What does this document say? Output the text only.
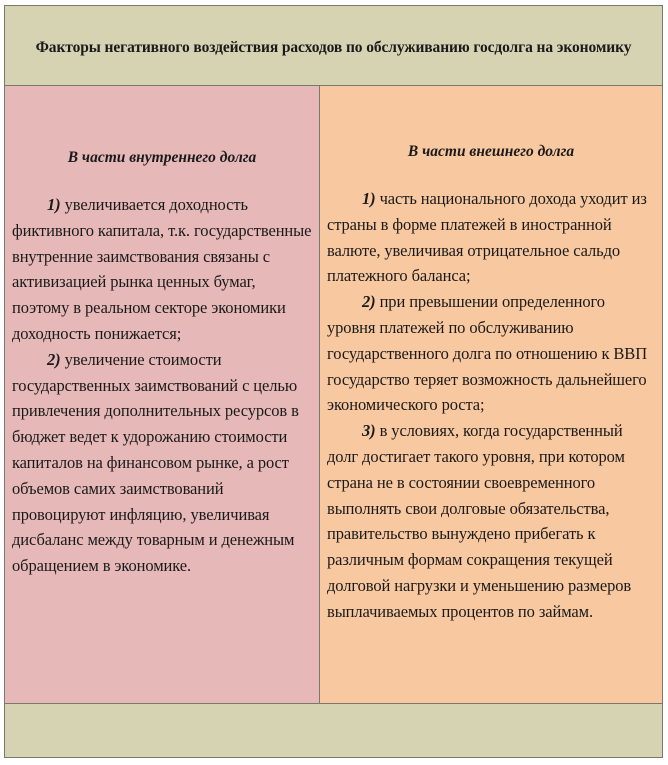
Факторы негативного воздействия расходов по обслуживанию госдолга на экономику
В части внутреннего долга

1) увеличивается доходность фиктивного капитала, т.к. государственные внутренние заимствования связаны с активизацией рынка ценных бумаг, поэтому в реальном секторе экономики доходность понижается;

2) увеличение стоимости государственных заимствований с целью привлечения дополнительных ресурсов в бюджет ведет к удорожанию стоимости капиталов на финансовом рынке, а рост объемов самих заимствований провоцируют инфляцию, увеличивая дисбаланс между товарным и денежным обращением в экономике.

В части внешнего долга

1) часть национального дохода уходит из страны в форме платежей в иностранной валюте, увеличивая отрицательное сальдо платежного баланса;

2) при превышении определенного уровня платежей по обслуживанию государственного долга по отношению к ВВП государство теряет возможность дальнейшего экономического роста;

3) в условиях, когда государственный долг достигает такого уровня, при котором страна не в состоянии своевременного выполнять свои долговые обязательства, правительство вынуждено прибегать к различным формам сокращения текущей долговой нагрузки и уменьшению размеров выплачиваемых процентов по займам.
